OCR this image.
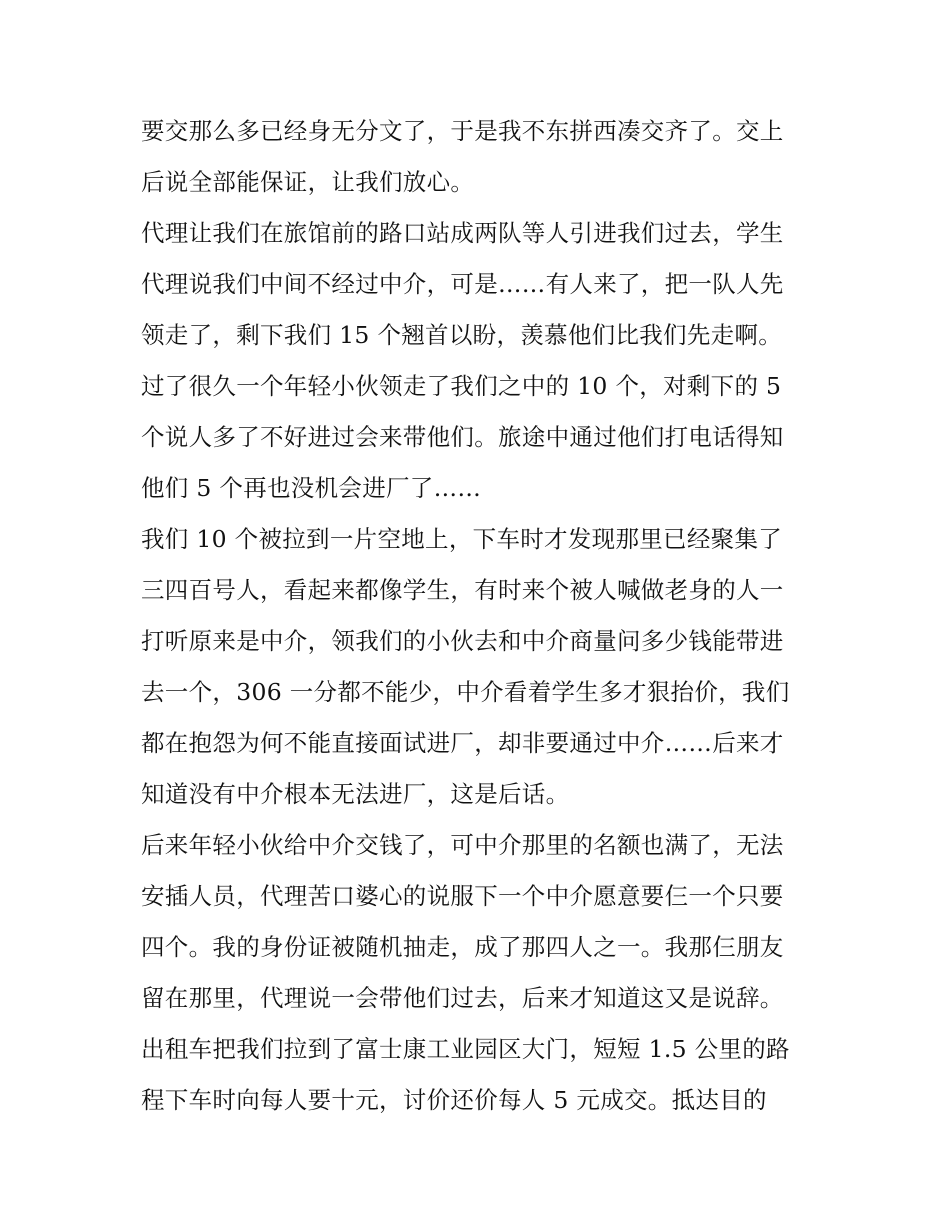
要交那么多已经身无分文了，于是我不东拼西凑交齐了。交上
后说全部能保证，让我们放心。
代理让我们在旅馆前的路口站成两队等人引进我们过去，学生
代理说我们中间不经过中介，可是……有人来了，把一队人先
领走了，剩下我们 15 个翘首以盼，羡慕他们比我们先走啊。
过了很久一个年轻小伙领走了我们之中的 10 个，对剩下的 5
个说人多了不好进过会来带他们。旅途中通过他们打电话得知
他们 5 个再也没机会进厂了……
我们 10 个被拉到一片空地上，下车时才发现那里已经聚集了
三四百号人，看起来都像学生，有时来个被人喊做老身的人一
打听原来是中介，领我们的小伙去和中介商量问多少钱能带进
去一个，306 一分都不能少，中介看着学生多才狠抬价，我们
都在抱怨为何不能直接面试进厂，却非要通过中介……后来才
知道没有中介根本无法进厂，这是后话。
后来年轻小伙给中介交钱了，可中介那里的名额也满了，无法
安插人员，代理苦口婆心的说服下一个中介愿意要仨一个只要
四个。我的身份证被随机抽走，成了那四人之一。我那仨朋友
留在那里，代理说一会带他们过去，后来才知道这又是说辞。
出租车把我们拉到了富士康工业园区大门，短短 1.5 公里的路
程下车时向每人要十元，讨价还价每人 5 元成交。抵达目的
